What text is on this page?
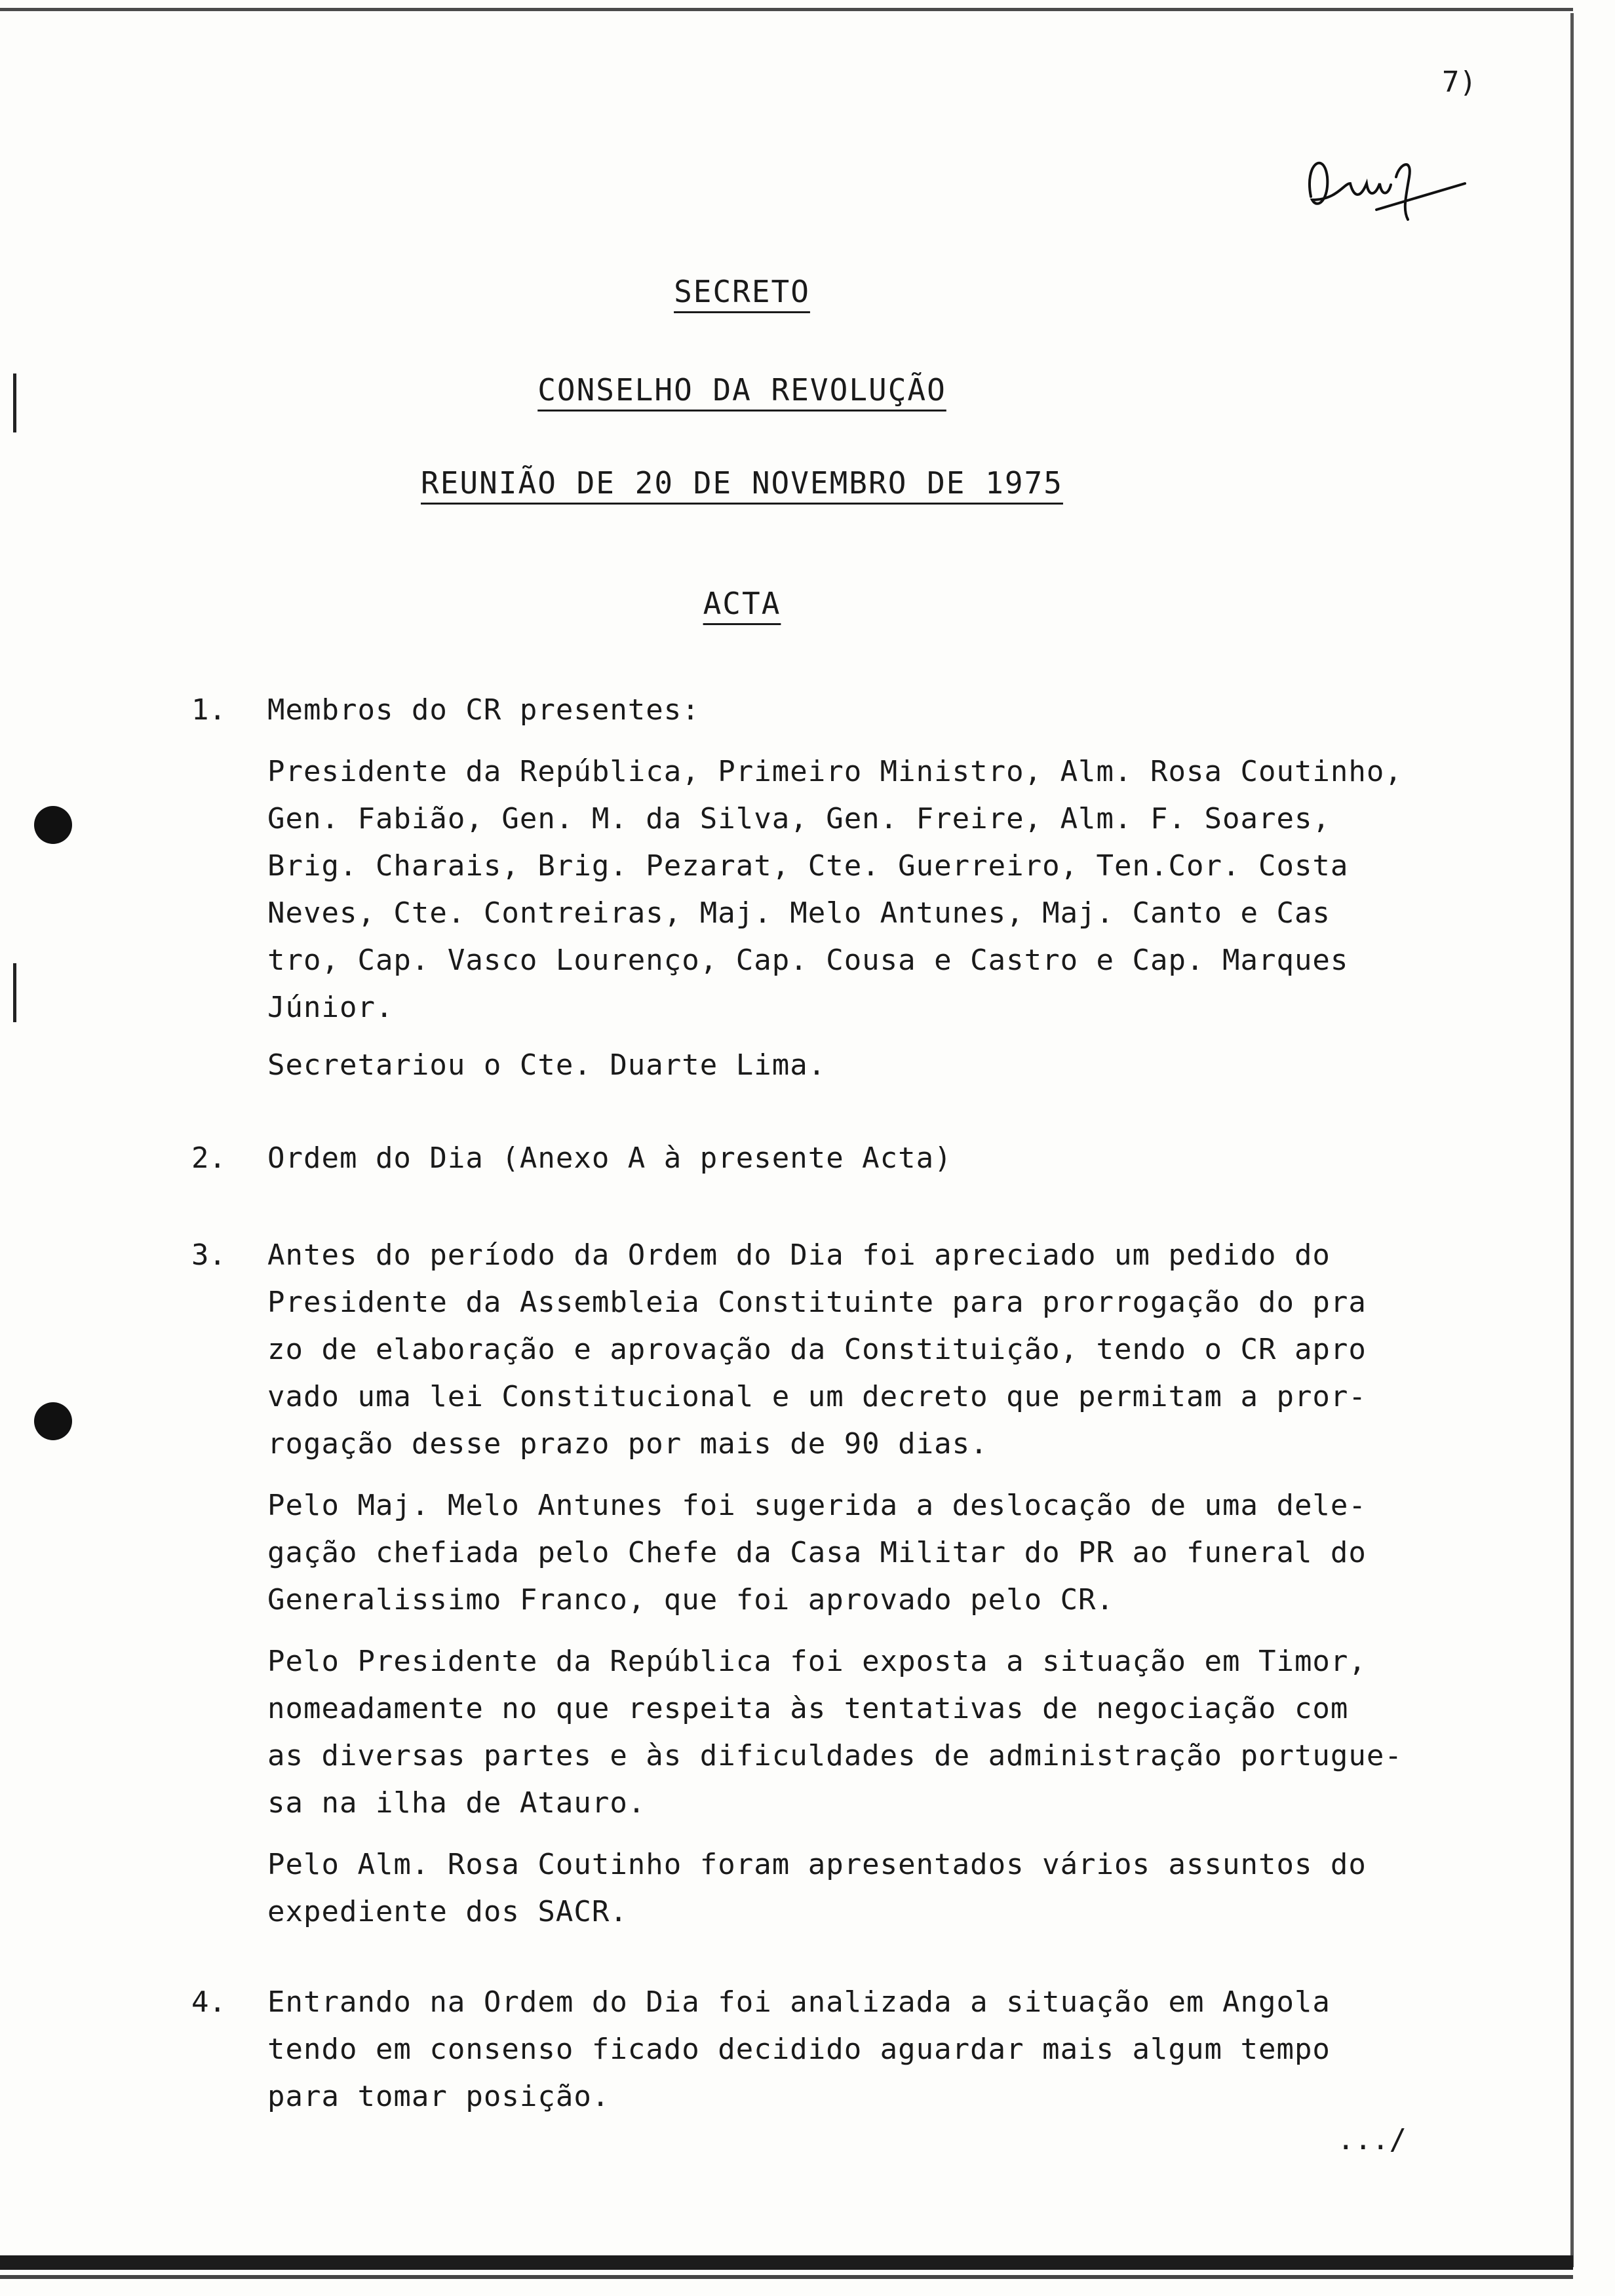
7)
SECRETO
CONSELHO DA REVOLUÇÃO
REUNIÃO DE 20 DE NOVEMBRO DE 1975
ACTA
1. Membros do CR presentes:
Presidente da República, Primeiro Ministro, Alm. Rosa Coutinho,
Gen. Fabião, Gen. M. da Silva, Gen. Freire, Alm. F. Soares,
Brig. Charais, Brig. Pezarat, Cte. Guerreiro, Ten.Cor. Costa
Neves, Cte. Contreiras, Maj. Melo Antunes, Maj. Canto e Cas
tro, Cap. Vasco Lourenço, Cap. Cousa e Castro e Cap. Marques
Júnior.
Secretariou o Cte. Duarte Lima.
2. Ordem do Dia (Anexo A à presente Acta)
3. Antes do período da Ordem do Dia foi apreciado um pedido do
Presidente da Assembleia Constituinte para prorrogação do pra
zo de elaboração e aprovação da Constituição, tendo o CR apro
vado uma lei Constitucional e um decreto que permitam a pror-
rogação desse prazo por mais de 90 dias.
Pelo Maj. Melo Antunes foi sugerida a deslocação de uma dele-
gação chefiada pelo Chefe da Casa Militar do PR ao funeral do
Generalissimo Franco, que foi aprovado pelo CR.
Pelo Presidente da República foi exposta a situação em Timor,
nomeadamente no que respeita às tentativas de negociação com
as diversas partes e às dificuldades de administração portugue-
sa na ilha de Atauro.
Pelo Alm. Rosa Coutinho foram apresentados vários assuntos do
expediente dos SACR.
4. Entrando na Ordem do Dia foi analizada a situação em Angola
tendo em consenso ficado decidido aguardar mais algum tempo
para tomar posição.
.../
